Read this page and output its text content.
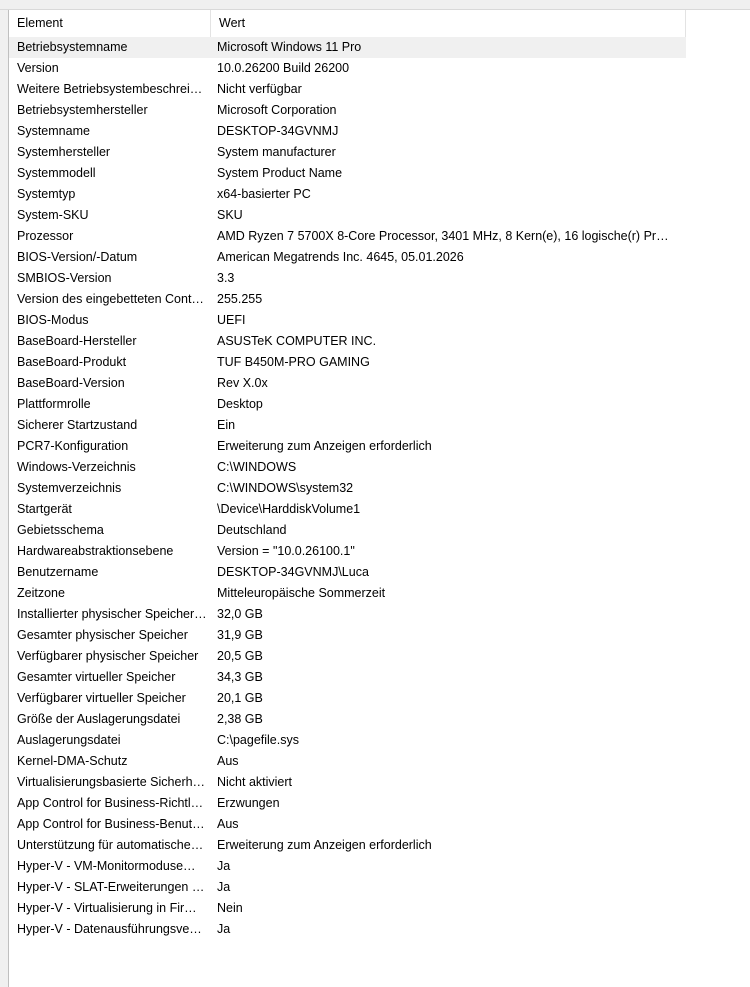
Element	Wert
Betriebsystemname	Microsoft Windows 11 Pro
Version	10.0.26200 Build 26200
Weitere Betriebsystembeschrei…	Nicht verfügbar
Betriebsystemhersteller	Microsoft Corporation
Systemname	DESKTOP-34GVNMJ
Systemhersteller	System manufacturer
Systemmodell	System Product Name
Systemtyp	x64-basierter PC
System-SKU	SKU
Prozessor	AMD Ryzen 7 5700X 8-Core Processor, 3401 MHz, 8 Kern(e), 16 logische(r) Pr…
BIOS-Version/-Datum	American Megatrends Inc. 4645, 05.01.2026
SMBIOS-Version	3.3
Version des eingebetteten Cont…	255.255
BIOS-Modus	UEFI
BaseBoard-Hersteller	ASUSTeK COMPUTER INC.
BaseBoard-Produkt	TUF B450M-PRO GAMING
BaseBoard-Version	Rev X.0x
Plattformrolle	Desktop
Sicherer Startzustand	Ein
PCR7-Konfiguration	Erweiterung zum Anzeigen erforderlich
Windows-Verzeichnis	C:\WINDOWS
Systemverzeichnis	C:\WINDOWS\system32
Startgerät	\Device\HarddiskVolume1
Gebietsschema	Deutschland
Hardwareabstraktionsebene	Version = "10.0.26100.1"
Benutzername	DESKTOP-34GVNMJ\Luca
Zeitzone	Mitteleuropäische Sommerzeit
Installierter physischer Speicher… 32,0 GB
Gesamter physischer Speicher	31,9 GB
Verfügbarer physischer Speicher	20,5 GB
Gesamter virtueller Speicher	34,3 GB
Verfügbarer virtueller Speicher	20,1 GB
Größe der Auslagerungsdatei	2,38 GB
Auslagerungsdatei	C:\pagefile.sys
Kernel-DMA-Schutz	Aus
Virtualisierungsbasierte Sicherh… Nicht aktiviert
App Control for Business-Richtl…	Erzwungen
App Control for Business-Benut… Aus
Unterstützung für automatische…	Erweiterung zum Anzeigen erforderlich
Hyper-V - VM-Monitormoduse…	Ja
Hyper-V - SLAT-Erweiterungen …	Ja
Hyper-V - Virtualisierung in Fir…	Nein
Hyper-V - Datenausführungsve…	Ja
